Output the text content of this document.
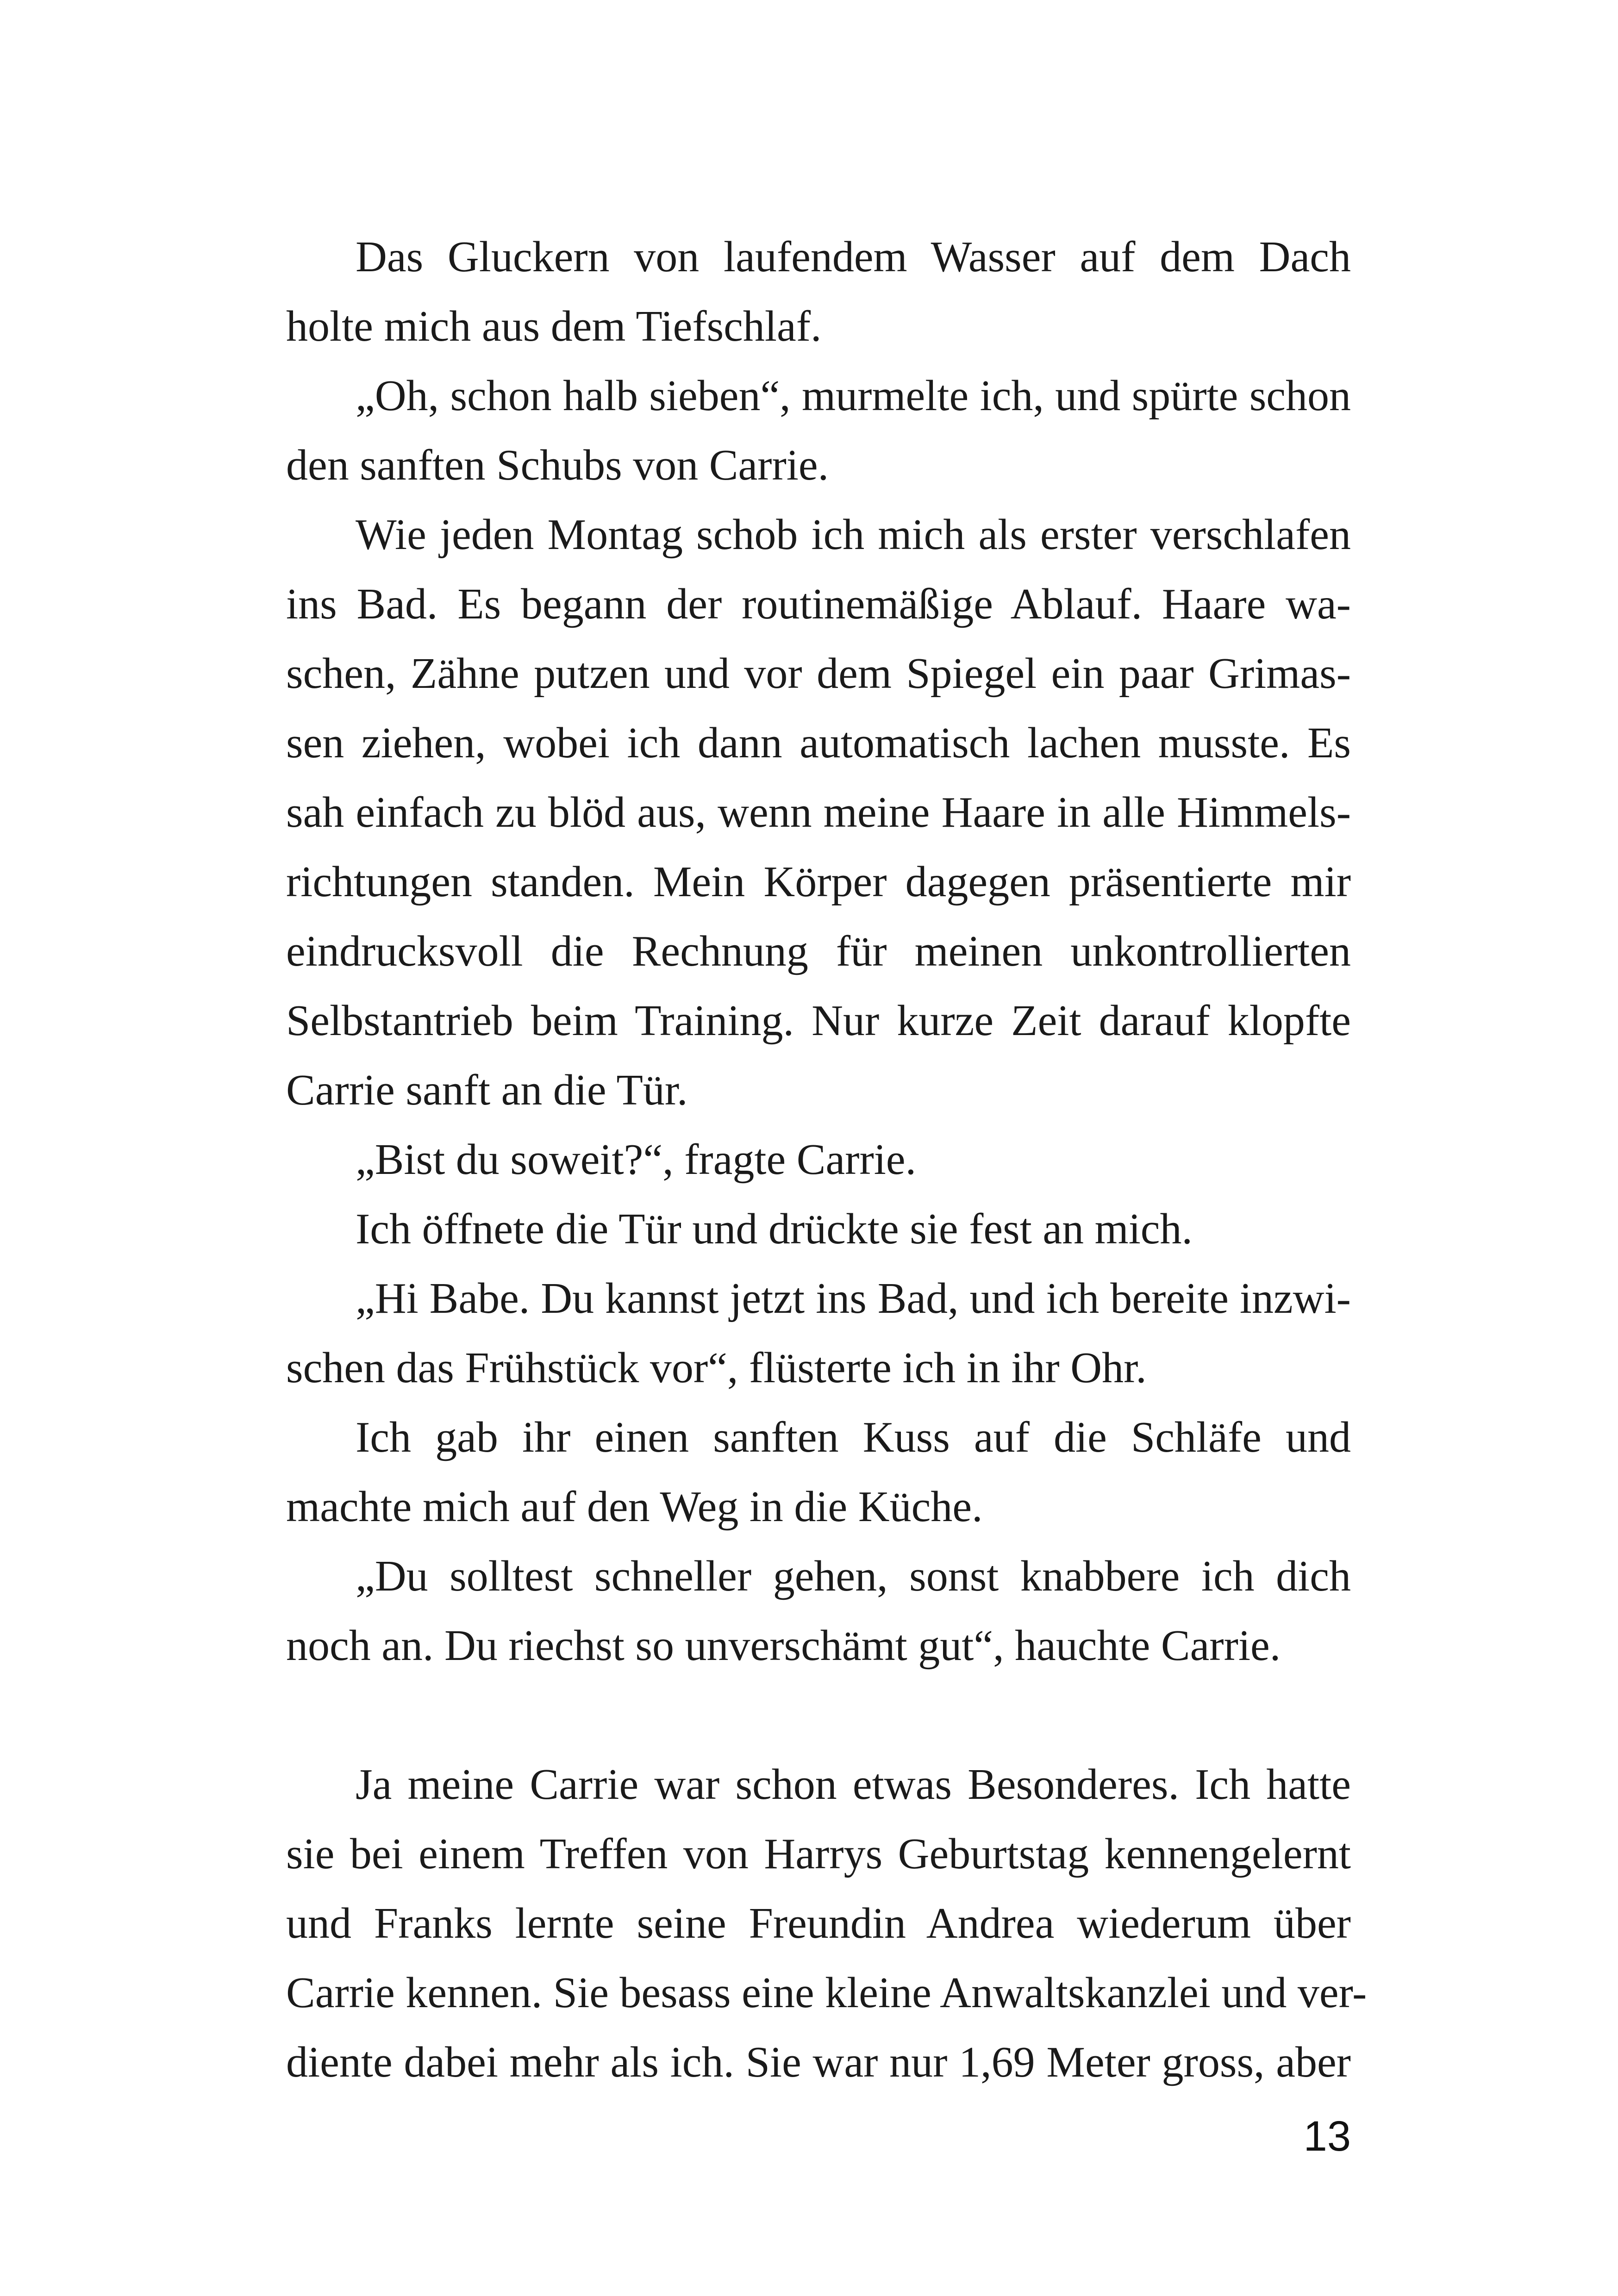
Das Gluckern von laufendem Wasser auf dem Dach
holte mich aus dem Tiefschlaf.
„Oh, schon halb sieben“, murmelte ich, und spürte schon
den sanften Schubs von Carrie.
Wie jeden Montag schob ich mich als erster verschlafen
ins Bad. Es begann der routinemäßige Ablauf. Haare wa-
schen, Zähne putzen und vor dem Spiegel ein paar Grimas-
sen ziehen, wobei ich dann automatisch lachen musste. Es
sah einfach zu blöd aus, wenn meine Haare in alle Himmels-
richtungen standen. Mein Körper dagegen präsentierte mir
eindrucksvoll die Rechnung für meinen unkontrollierten
Selbstantrieb beim Training. Nur kurze Zeit darauf klopfte
Carrie sanft an die Tür.
„Bist du soweit?“, fragte Carrie.
Ich öffnete die Tür und drückte sie fest an mich.
„Hi Babe. Du kannst jetzt ins Bad, und ich bereite inzwi-
schen das Frühstück vor“, flüsterte ich in ihr Ohr.
Ich gab ihr einen sanften Kuss auf die Schläfe und
machte mich auf den Weg in die Küche.
„Du solltest schneller gehen, sonst knabbere ich dich
noch an. Du riechst so unverschämt gut“, hauchte Carrie.
Ja meine Carrie war schon etwas Besonderes. Ich hatte
sie bei einem Treffen von Harrys Geburtstag kennengelernt
und Franks lernte seine Freundin Andrea wiederum über
Carrie kennen. Sie besass eine kleine Anwaltskanzlei und ver-
diente dabei mehr als ich. Sie war nur 1,69 Meter gross, aber
13
